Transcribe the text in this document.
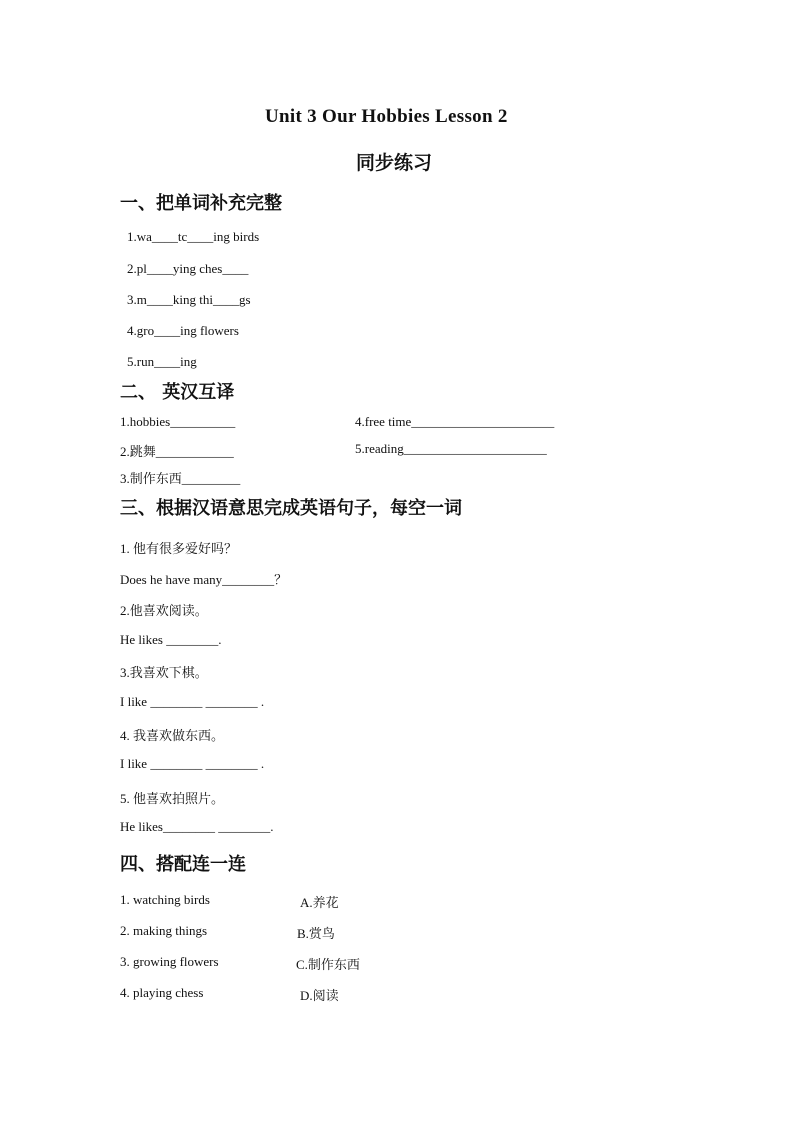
Unit 3 Our Hobbies Lesson 2
同步练习
一、把单词补充完整
1.wa____tc____ing birds
2.pl____ying ches____
3.m____king thi____gs
4.gro____ing flowers
5.run____ing
二、 英汉互译
1.hobbies__________
2.跳舞____________
3.制作东西_________
4.free time______________________
5.reading______________________
三、根据汉语意思完成英语句子，每空一词
1. 他有很多爱好吗？
Does he have many________？
2.他喜欢阅读。
He likes ________.
3.我喜欢下棋。
I like ________ ________ .
4. 我喜欢做东西。
I like ________ ________ .
5. 他喜欢拍照片。
He likes________ ________.
四、搭配连一连
1. watching birds
2. making things
3. growing flowers
4. playing chess
A.养花
B.赏鸟
C.制作东西
D.阅读
